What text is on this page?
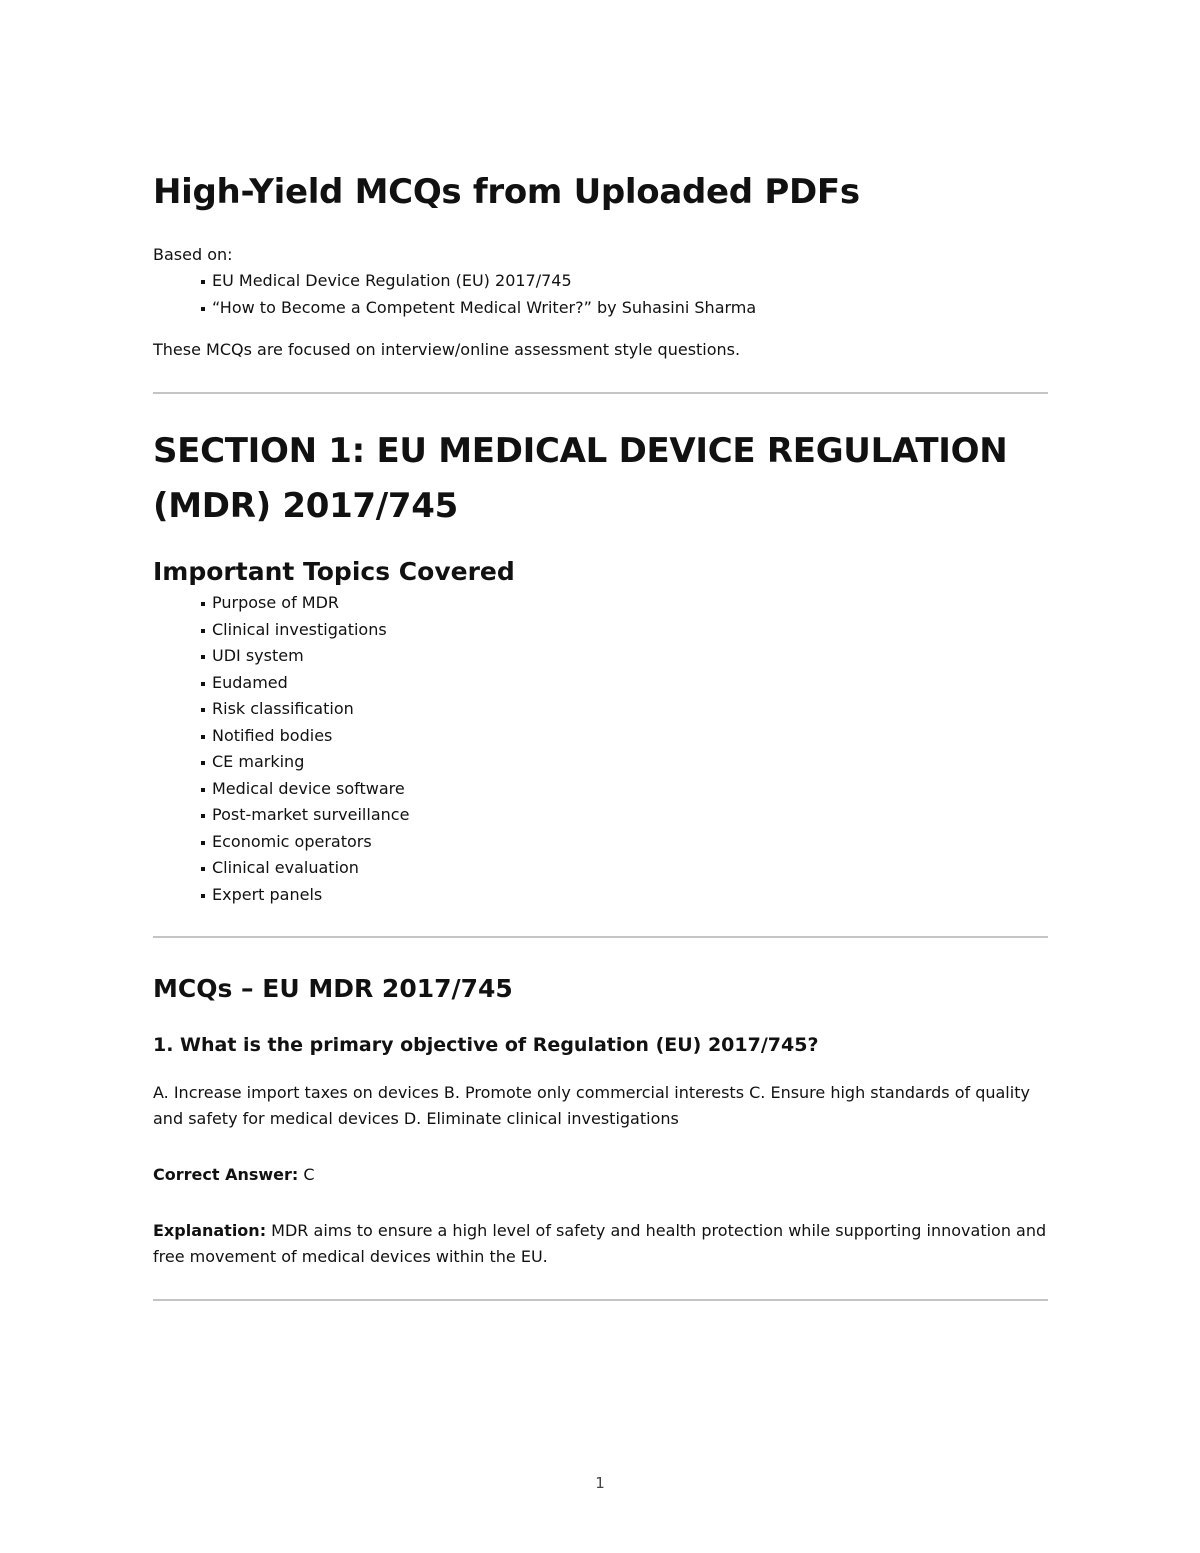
High-Yield MCQs from Uploaded PDFs

Based on:

EU Medical Device Regulation (EU) 2017/745
“How to Become a Competent Medical Writer?” by Suhasini Sharma

These MCQs are focused on interview/online assessment style questions.

SECTION 1: EU MEDICAL DEVICE REGULATION (MDR) 2017/745
Important Topics Covered
Purpose of MDR
Clinical investigations
UDI system
Eudamed
Risk classification
Notified bodies
CE marking
Medical device software
Post-market surveillance
Economic operators
Clinical evaluation
Expert panels
MCQs – EU MDR 2017/745
1. What is the primary objective of Regulation (EU) 2017/745?

A. Increase import taxes on devices B. Promote only commercial interests C. Ensure high standards of quality and safety for medical devices D. Eliminate clinical investigations

Correct Answer: C

Explanation: MDR aims to ensure a high level of safety and health protection while supporting innovation and free movement of medical devices within the EU.

1
